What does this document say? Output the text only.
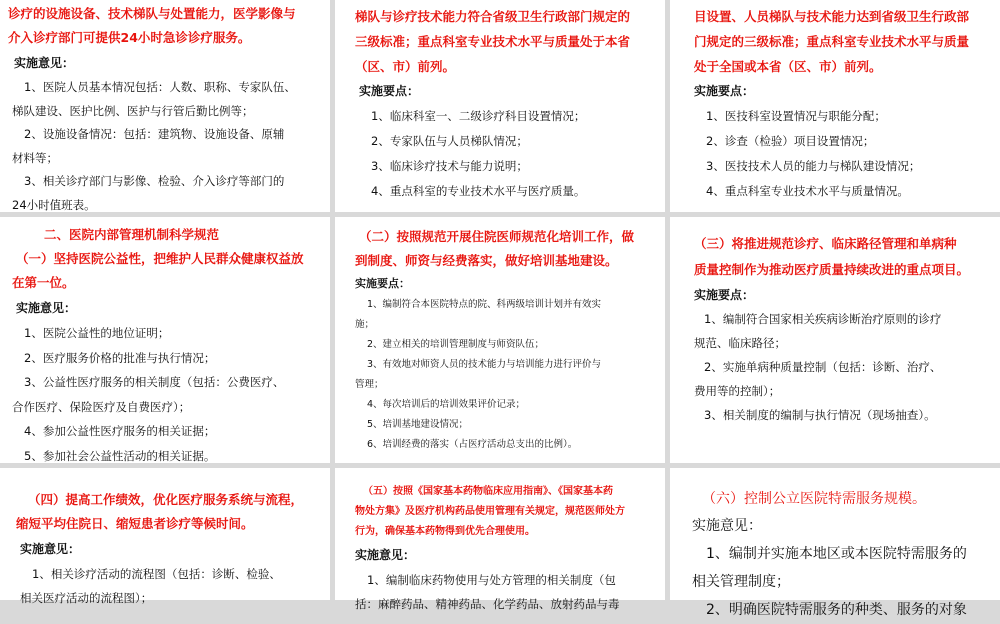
诊疗的设施设备、技术梯队与处置能力，医学影像与
介入诊疗部门可提供24小时急诊诊疗服务。
实施意见：
1、医院人员基本情况包括：人数、职称、专家队伍、
梯队建设、医护比例、医护与行管后勤比例等；
2、设施设备情况：包括：建筑物、设施设备、原辅
材料等；
3、相关诊疗部门与影像、检验、介入诊疗等部门的
24小时值班表。
梯队与诊疗技术能力符合省级卫生行政部门规定的
三级标准；重点科室专业技术水平与质量处于本省
（区、市）前列。
实施要点：
1、临床科室一、二级诊疗科目设置情况；
2、专家队伍与人员梯队情况；
3、临床诊疗技术与能力说明；
4、重点科室的专业技术水平与医疗质量。
目设置、人员梯队与技术能力达到省级卫生行政部
门规定的三级标准；重点科室专业技术水平与质量
处于全国或本省（区、市）前列。
实施要点：
1、医技科室设置情况与职能分配；
2、诊查（检验）项目设置情况；
3、医技技术人员的能力与梯队建设情况；
4、重点科室专业技术水平与质量情况。
二、医院内部管理机制科学规范
（一）坚持医院公益性，把维护人民群众健康权益放
在第一位。
实施意见：
1、医院公益性的地位证明；
2、医疗服务价格的批准与执行情况；
3、公益性医疗服务的相关制度（包括：公费医疗、
合作医疗、保险医疗及自费医疗）；
4、参加公益性医疗服务的相关证据；
5、参加社会公益性活动的相关证据。
（二）按照规范开展住院医师规范化培训工作，做
到制度、师资与经费落实，做好培训基地建设。
实施要点：
1、编制符合本医院特点的院、科两级培训计划并有效实
施；
2、建立相关的培训管理制度与师资队伍；
3、有效地对师资人员的技术能力与培训能力进行评价与
管理；
4、每次培训后的培训效果评价记录；
5、培训基地建设情况；
6、培训经费的落实（占医疗活动总支出的比例）。
（三）将推进规范诊疗、临床路径管理和单病种
质量控制作为推动医疗质量持续改进的重点项目。
实施要点：
1、编制符合国家相关疾病诊断治疗原则的诊疗
规范、临床路径；
2、实施单病种质量控制（包括：诊断、治疗、
费用等的控制）；
3、相关制度的编制与执行情况（现场抽查）。
（四）提高工作绩效，优化医疗服务系统与流程，
缩短平均住院日、缩短患者诊疗等候时间。
实施意见：
1、相关诊疗活动的流程图（包括：诊断、检验、
相关医疗活动的流程图）；
（五）按照《国家基本药物临床应用指南》、《国家基本药
物处方集》及医疗机构药品使用管理有关规定，规范医师处方
行为，确保基本药物得到优先合理使用。
实施意见：
1、编制临床药物使用与处方管理的相关制度（包
括：麻醉药品、精神药品、化学药品、放射药品与毒
（六）控制公立医院特需服务规模。
实施意见：
1、编制并实施本地区或本医院特需服务的
相关管理制度；
2、明确医院特需服务的种类、服务的对象
